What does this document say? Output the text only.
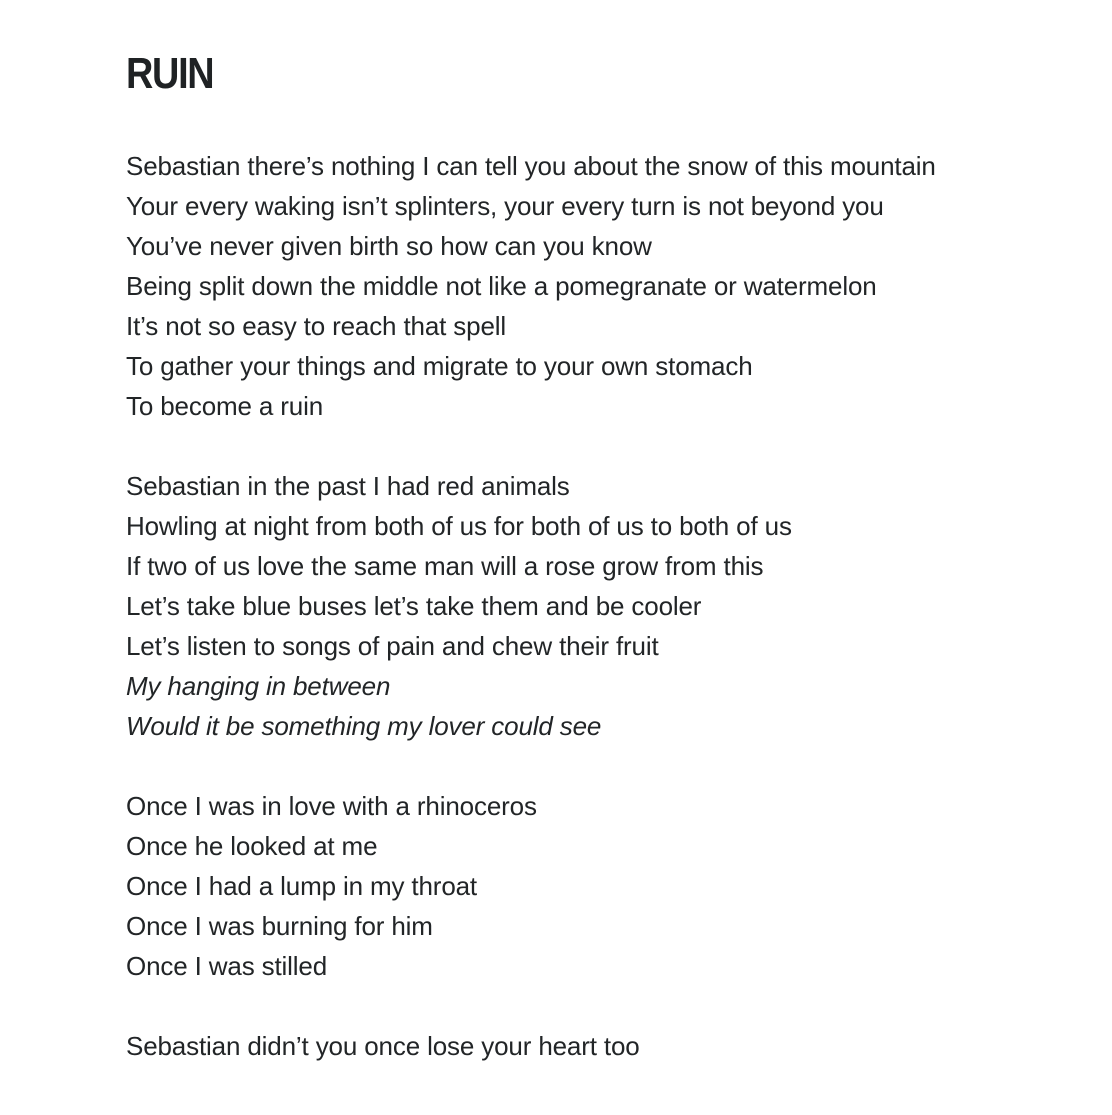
RUIN
Sebastian there’s nothing I can tell you about the snow of this mountain
Your every waking isn’t splinters, your every turn is not beyond you
You’ve never given birth so how can you know
Being split down the middle not like a pomegranate or watermelon
It’s not so easy to reach that spell
To gather your things and migrate to your own stomach
To become a ruin
Sebastian in the past I had red animals
Howling at night from both of us for both of us to both of us
If two of us love the same man will a rose grow from this
Let’s take blue buses let’s take them and be cooler
Let’s listen to songs of pain and chew their fruit
My hanging in between
Would it be something my lover could see
Once I was in love with a rhinoceros
Once he looked at me
Once I had a lump in my throat
Once I was burning for him
Once I was stilled
Sebastian didn’t you once lose your heart too
